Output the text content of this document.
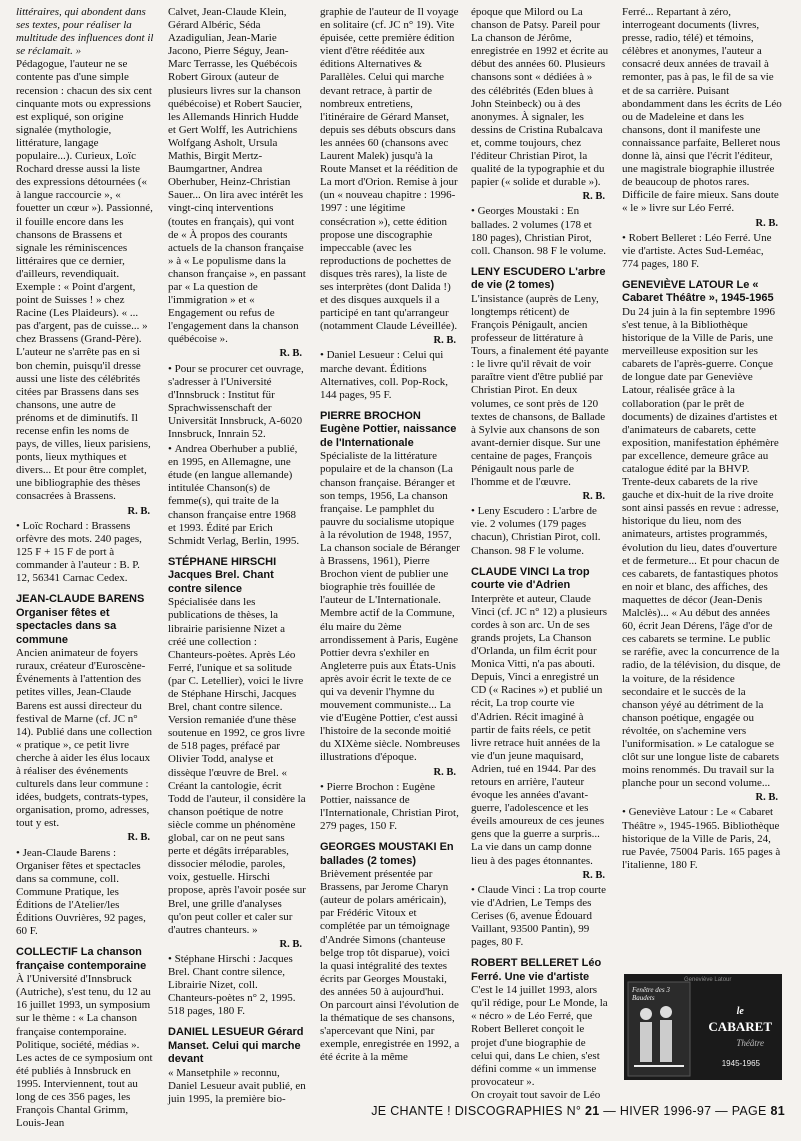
littéraires, qui abondent dans ses textes, pour réaliser la multitude des influences dont il se réclamait. »
Pédagogue, l'auteur ne se contente pas d'une simple recension : chacun des six cent cinquante mots ou expressions est expliqué, son origine signalée (mythologie, littérature, langage populaire...). Curieux, Loïc Rochard dresse aussi la liste des expressions détournées (« à langue raccourcie », « fouetter un cœur »). Passionné, il fouille encore dans les chansons de Brassens et signale les réminiscences littéraires que ce dernier, d'ailleurs, revendiquait. Exemple : « Point d'argent, point de Suisses ! » chez Racine (Les Plaideurs). « ... pas d'argent, pas de cuisse... » chez Brassens (Grand-Père). L'auteur ne s'arrête pas en si bon chemin, puisqu'il dresse aussi une liste des célébrités citées par Brassens dans ses chansons, une autre de prénoms et de diminutifs. Il recense enfin les noms de pays, de villes, lieux parisiens, ponts, lieux mythiques et divers... Et pour être complet, une bibliographie des thèses consacrées à Brassens.
R. B.
• Loïc Rochard : Brassens orfèvre des mots. 240 pages, 125 F + 15 F de port à commander à l'auteur : B. P. 12, 56341 Carnac Cedex.
JEAN-CLAUDE BARENS Organiser fêtes et spectacles dans sa commune
Ancien animateur de foyers ruraux, créateur d'Euroscène-Événements à l'attention des petites villes, Jean-Claude Barens est aussi directeur du festival de Marne (cf. JC n° 14). Publié dans une collection « pratique », ce petit livre cherche à aider les élus locaux à réaliser des événements culturels dans leur commune : idées, budgets, contrats-types, organisation, promo, adresses, tout y est.
R. B.
• Jean-Claude Barens : Organiser fêtes et spectacles dans sa commune, coll. Commune Pratique, les Éditions de l'Atelier/les Éditions Ouvrières, 92 pages, 60 F.
COLLECTIF La chanson française contemporaine
À l'Université d'Innsbruck (Autriche), s'est tenu, du 12 au 16 juillet 1993, un symposium sur le thème : « La chanson française contemporaine. Politique, société, médias ». Les actes de ce symposium ont été publiés à Innsbruck en 1995. Interviennent, tout au long de ces 356 pages, les François Chantal Grimm, Louis-Jean
Calvet, Jean-Claude Klein, Gérard Albéric, Séda Azadigulian, Jean-Marie Jacono, Pierre Séguy, Jean-Marc Terrasse, les Québécois Robert Giroux (auteur de plusieurs livres sur la chanson québécoise) et Robert Saucier, les Allemands Hinrich Hudde et Gert Wolff, les Autrichiens Wolfgang Asholt, Ursula Mathis, Birgit Mertz-Baumgartner, Andrea Oberhuber, Heinz-Christian Sauer... On lira avec intérêt les vingt-cinq interventions (toutes en français), qui vont de « À propos des courants actuels de la chanson française » à « Le populisme dans la chanson française », en passant par « La question de l'immigration » et « Engagement ou refus de l'engagement dans la chanson québécoise ».
R. B.
• Pour se procurer cet ouvrage, s'adresser à l'Université d'Innsbruck : Institut für Sprachwissenschaft der Universität Innsbruck, A-6020 Innsbruck, Innrain 52.
• Andrea Oberhuber a publié, en 1995, en Allemagne, une étude (en langue allemande) intitulée Chanson(s) de femme(s), qui traite de la chanson française entre 1968 et 1993. Édité par Erich Schmidt Verlag, Berlin, 1995.
STÉPHANE HIRSCHI Jacques Brel. Chant contre silence
Spécialisée dans les publications de thèses, la librairie parisienne Nizet a créé une collection : Chanteurs-poètes. Après Léo Ferré, l'unique et sa solitude (par C. Letellier), voici le livre de Stéphane Hirschi, Jacques Brel, chant contre silence. Version remaniée d'une thèse soutenue en 1992, ce gros livre de 518 pages, préfacé par Olivier Todd, analyse et dissèque l'œuvre de Brel. « Créant la cantologie, écrit Todd de l'auteur, il considère la chanson poétique de notre siècle comme un phénomène global, car on ne peut sans perte et dégâts irréparables, dissocier mélodie, paroles, voix, gestuelle. Hirschi propose, après l'avoir posée sur Brel, une grille d'analyses qu'on peut coller et caler sur d'autres chanteurs. »
R. B.
• Stéphane Hirschi : Jacques Brel. Chant contre silence, Librairie Nizet, coll. Chanteurs-poètes n° 2, 1995. 518 pages, 180 F.
DANIEL LESUEUR Gérard Manset. Celui qui marche devant
« Mansetphile » reconnu, Daniel Lesueur avait publié, en juin 1995, la première bio-
graphie de l'auteur de Il voyage en solitaire (cf. JC n° 19). Vite épuisée, cette première édition vient d'être rééditée aux éditions Alternatives & Parallèles. Celui qui marche devant retrace, à partir de nombreux entretiens, l'itinéraire de Gérard Manset, depuis ses débuts obscurs dans les années 60 (chansons avec Laurent Malek) jusqu'à la Route Manset et la réédition de La mort d'Orion. Remise à jour (un « nouveau chapitre : 1996-1997 : une légitime consécration »), cette édition propose une discographie impeccable (avec les reproductions de pochettes de disques très rares), la liste de ses interprètes (dont Dalida !) et des disques auxquels il a participé en tant qu'arrangeur (notamment Claude Léveillée).
R. B.
• Daniel Lesueur : Celui qui marche devant. Éditions Alternatives, coll. Pop-Rock, 144 pages, 95 F.
PIERRE BROCHON Eugène Pottier, naissance de l'Internationale
Spécialiste de la littérature populaire et de la chanson (La chanson française. Béranger et son temps, 1956, La chanson française. Le pamphlet du pauvre du socialisme utopique à la révolution de 1948, 1957, La chanson sociale de Béranger à Brassens, 1961), Pierre Brochon vient de publier une biographie très fouillée de l'auteur de L'Internationale. Membre actif de la Commune, élu maire du 2ème arrondissement à Paris, Eugène Pottier devra s'exhiler en Angleterre puis aux États-Unis après avoir écrit le texte de ce qui va devenir l'hymne du mouvement communiste... La vie d'Eugène Pottier, c'est aussi l'histoire de la seconde moitié du XIXème siècle. Nombreuses illustrations d'époque.
R. B.
• Pierre Brochon : Eugène Pottier, naissance de l'Internationale, Christian Pirot, 279 pages, 150 F.
GEORGES MOUSTAKI En ballades (2 tomes)
Brièvement présentée par Brassens, par Jerome Charyn (auteur de polars américain), par Frédéric Vitoux et complétée par un témoignage d'Andrée Simons (chanteuse belge trop tôt disparue), voici la quasi intégralité des textes écrits par Georges Moustaki, des années 50 à aujourd'hui. On parcourt ainsi l'évolution de la thématique de ses chansons, s'apercevant que Nini, par exemple, enregistrée en 1992, a été écrite à la même
époque que Milord ou La chanson de Patsy. Pareil pour La chanson de Jérôme, enregistrée en 1992 et écrite au début des années 60. Plusieurs chansons sont « dédiées à » des célébrités (Eden blues à John Steinbeck) ou à des anonymes. À signaler, les dessins de Cristina Rubalcava et, comme toujours, chez l'éditeur Christian Pirot, la qualité de la typographie et du papier (« solide et durable »).
R. B.
• Georges Moustaki : En ballades. 2 volumes (178 et 180 pages), Christian Pirot, coll. Chanson. 98 F le volume.
LENY ESCUDERO L'arbre de vie (2 tomes)
L'insistance (auprès de Leny, longtemps réticent) de François Pénigault, ancien professeur de littérature à Tours, a finalement été payante : le livre qu'il rêvait de voir paraître vient d'être publié par Christian Pirot. En deux volumes, ce sont près de 120 textes de chansons, de Ballade à Sylvie aux chansons de son avant-dernier disque. Sur une centaine de pages, François Pénigault nous parle de l'homme et de l'œuvre.
R. B.
• Leny Escudero : L'arbre de vie. 2 volumes (179 pages chacun), Christian Pirot, coll. Chanson. 98 F le volume.
CLAUDE VINCI La trop courte vie d'Adrien
Interprète et auteur, Claude Vinci (cf. JC n° 12) a plusieurs cordes à son arc. Un de ses grands projets, La Chanson d'Orlanda, un film écrit pour Monica Vitti, n'a pas abouti. Depuis, Vinci a enregistré un CD (« Racines ») et publié un récit, La trop courte vie d'Adrien. Récit imaginé à partir de faits réels, ce petit livre retrace huit années de la vie d'un jeune maquisard, Adrien, tué en 1944. Par des retours en arrière, l'auteur évoque les années d'avant-guerre, l'adolescence et les éveils amoureux de ces jeunes gens que la guerre a surpris... La vie dans un camp donne lieu à des pages étonnantes.
R. B.
• Claude Vinci : La trop courte vie d'Adrien, Le Temps des Cerises (6, avenue Édouard Vaillant, 93500 Pantin), 99 pages, 80 F.
ROBERT BELLERET Léo Ferré. Une vie d'artiste
C'est le 14 juillet 1993, alors qu'il rédige, pour Le Monde, la « nécro » de Léo Ferré, que Robert Belleret conçoit le projet d'une biographie de celui qui, dans Le chien, s'est défini comme « un immense provocateur ».
On croyait tout savoir de Léo
Ferré... Repartant à zéro, interrogeant documents (livres, presse, radio, télé) et témoins, célèbres et anonymes, l'auteur a consacré deux années de travail à remonter, pas à pas, le fil de sa vie et de sa carrière. Puisant abondamment dans les écrits de Léo ou de Madeleine et dans les chansons, dont il manifeste une connaissance parfaite, Belleret nous donne là, ainsi que l'écrit l'éditeur, une magistrale biographie illustrée de beaucoup de photos rares. Difficile de faire mieux. Sans doute « le » livre sur Léo Ferré.
R. B.
• Robert Belleret : Léo Ferré. Une vie d'artiste. Actes Sud-Leméac, 774 pages, 180 F.
GENEVIÈVE LATOUR Le « Cabaret Théâtre », 1945-1965
Du 24 juin à la fin septembre 1996 s'est tenue, à la Bibliothèque historique de la Ville de Paris, une merveilleuse exposition sur les cabarets de l'après-guerre. Conçue de longue date par Geneviève Latour, réalisée grâce à la collaboration (par le prêt de documents) de dizaines d'artistes et d'animateurs de cabarets, cette exposition, manifestation éphémère par excellence, demeure grâce au catalogue édité par la BHVP. Trente-deux cabarets de la rive gauche et dix-huit de la rive droite sont ainsi passés en revue : adresse, historique du lieu, nom des animateurs, artistes programmés, évolution du lieu, dates d'ouverture et de fermeture... Et pour chacun de ces cabarets, de fantastiques photos en noir et blanc, des affiches, des maquettes de décor (Jean-Denis Malclès)... « Au début des années 60, écrit Jean Dérens, l'âge d'or de ces cabarets se termine. Le public se raréfie, avec la concurrence de la radio, de la télévision, du disque, de la voiture, de la résidence secondaire et le succès de la chanson yéyé au détriment de la chanson poétique, engagée ou révoltée, on s'achemine vers l'uniformisation. » Le catalogue se clôt sur une longue liste de cabarets moins renommés. Du travail sur la planche pour un second volume...
R. B.
• Geneviève Latour : Le « Cabaret Théâtre », 1945-1965. Bibliothèque historique de la Ville de Paris, 24, rue Pavée, 75004 Paris. 165 pages à l'italienne, 180 F.
Geneviève Latour
Fenêtre des 3 Baudets
le
CABARET
Théâtre
1945-1965
JE CHANTE ! DISCOGRAPHIES N° 21 — HIVER 1996-97 — PAGE 81
